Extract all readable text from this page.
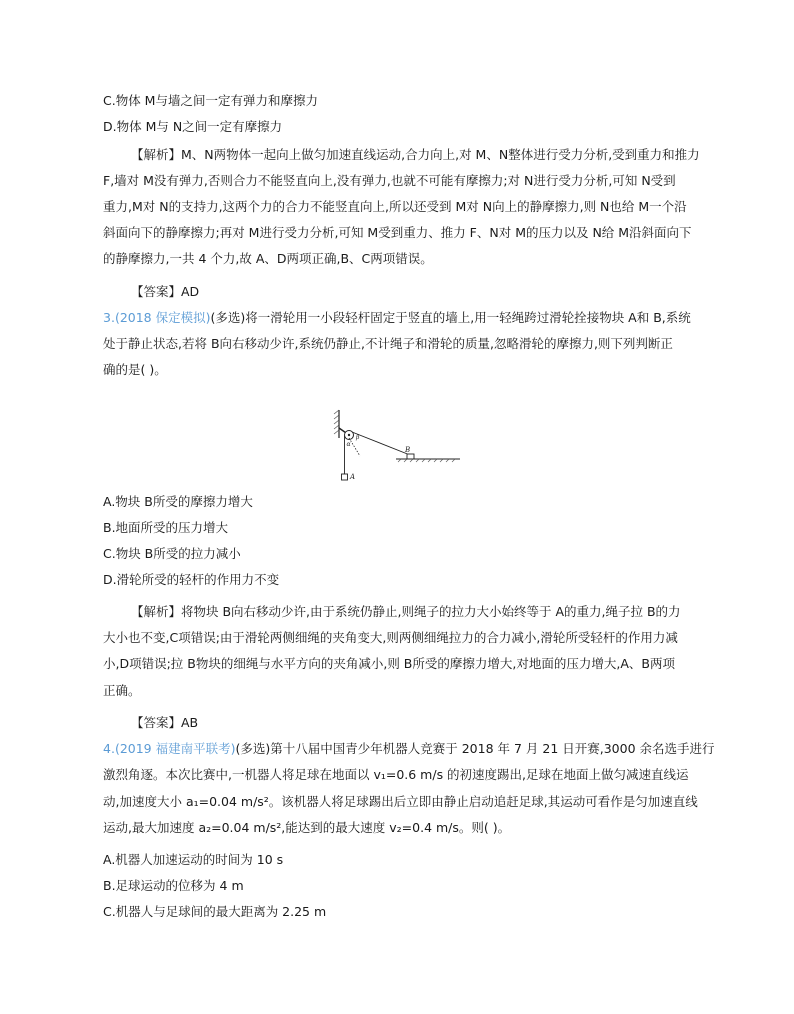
C.物体 M与墙之间一定有弹力和摩擦力
D.物体 M与 N之间一定有摩擦力
【解析】M、N两物体一起向上做匀加速直线运动,合力向上,对 M、N整体进行受力分析,受到重力和推力
F,墙对 M没有弹力,否则合力不能竖直向上,没有弹力,也就不可能有摩擦力;对 N进行受力分析,可知 N受到
重力,M对 N的支持力,这两个力的合力不能竖直向上,所以还受到 M对 N向上的静摩擦力,则 N也给 M一个沿
斜面向下的静摩擦力;再对 M进行受力分析,可知 M受到重力、推力 F、N对 M的压力以及 N给 M沿斜面向下
的静摩擦力,一共 4 个力,故 A、D两项正确,B、C两项错误。
【答案】AD
3.(2018 保定模拟)(多选)将一滑轮用一小段轻杆固定于竖直的墙上,用一轻绳跨过滑轮拴接物块 A和 B,系统
处于静止状态,若将 B向右移动少许,系统仍静止,不计绳子和滑轮的质量,忽略滑轮的摩擦力,则下列判断正
确的是( )。
α
β
A
B
A.物块 B所受的摩擦力增大
B.地面所受的压力增大
C.物块 B所受的拉力减小
D.滑轮所受的轻杆的作用力不变
【解析】将物块 B向右移动少许,由于系统仍静止,则绳子的拉力大小始终等于 A的重力,绳子拉 B的力
大小也不变,C项错误;由于滑轮两侧细绳的夹角变大,则两侧细绳拉力的合力减小,滑轮所受轻杆的作用力减
小,D项错误;拉 B物块的细绳与水平方向的夹角减小,则 B所受的摩擦力增大,对地面的压力增大,A、B两项
正确。
【答案】AB
4.(2019 福建南平联考)(多选)第十八届中国青少年机器人竞赛于 2018 年 7 月 21 日开赛,3000 余名选手进行
激烈角逐。本次比赛中,一机器人将足球在地面以 v₁=0.6 m/s 的初速度踢出,足球在地面上做匀减速直线运
动,加速度大小 a₁=0.04 m/s²。该机器人将足球踢出后立即由静止启动追赶足球,其运动可看作是匀加速直线
运动,最大加速度 a₂=0.04 m/s²,能达到的最大速度 v₂=0.4 m/s。则( )。
A.机器人加速运动的时间为 10 s
B.足球运动的位移为 4 m
C.机器人与足球间的最大距离为 2.25 m
